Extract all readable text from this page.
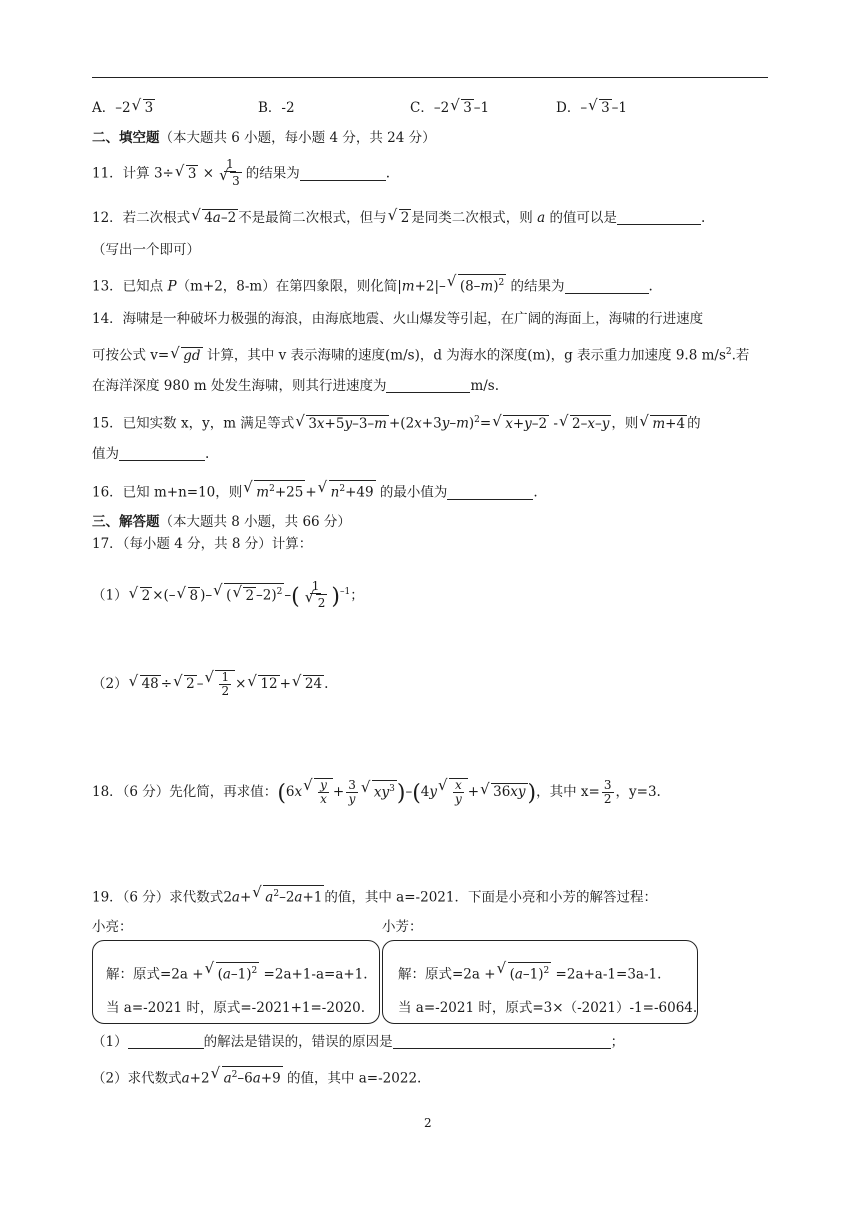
A．–2√ 3	B．-2	C．–2√ 3 –1	D．–√ 3 –1
二、填空题（本大题共 6 小题，每小题 4 分，共 24 分）
11．计算 3÷√ 3 × 1
√ 3 的结果为	.
12．若二次根式√ 4a–2 不是最简二次根式，但与√ 2 是同类二次根式，则 a 的值可以是	.
（写出一个即可）
13．已知点 P（m+2，8-m）在第四象限，则化简|m+2|–√ $(8-m)^2$ 的结果为	.
14．海啸是一种破坏力极强的海浪，由海底地震、火山爆发等引起，在广阔的海面上，海啸的行进速度
可按公式 v=√ gd 计算，其中 v 表示海啸的速度(m/s)，d 为海水的深度(m)，g 表示重力加速度 9.8 $m/s^2$.若
在海洋深度 980 m 处发生海啸，则其行进速度为	m/s.
15．已知实数 x，y，m 满足等式√ $3x+5y-3-m +(2x+3y-m)^2=√$ x+y–2 -√ 2–x–y ，则√ m+4 的
值为	.
16．已知 m+n=10，则√ $m^2+25$ +√ $n^2+49$ 的最小值为	.
三、解答题（本大题共 8 小题，共 66 分）
17．（每小题 4 分，共 8 分）计算：
（1）√ 2 ×(–√ 8 )–√ (√ 2 –2)$^2$ –( 1
√ 2 )$^{-1}$；
（2）√ 48 ÷√ 2 –
√ $\frac{1}{2}$ ×√ 12 +√ 24 .
18．（6 分）先化简，再求值：(6x
√ $\frac{y}{x} + \frac{3}{y}$
√ $xy^3)-(4y$
√ $\frac{x}{y}$ +√ 36xy)，其中 $x= \frac{3}{2}$ ，y=3.
19．（6 分）求代数式2a+√ $a^2-2a+1$ 的值，其中 a=-2021．下面是小亮和小芳的解答过程：
小亮：	小芳：
解：原式=2a +√ $(a-1)^2 =2a+1-a=a+1$.
当 a=-2021 时，原式=-2021+1=-2020.
解：原式=2a +√ $(a-1)^2 =2a+a-1=3a-1$.
当 a=-2021 时，原式=3×（-2021）-1=-6064.
（1）	的解法是错误的，错误的原因是	；
（2）求代数式a+2√ $a^2-6a+9$ 的值，其中 a=-2022.
2
